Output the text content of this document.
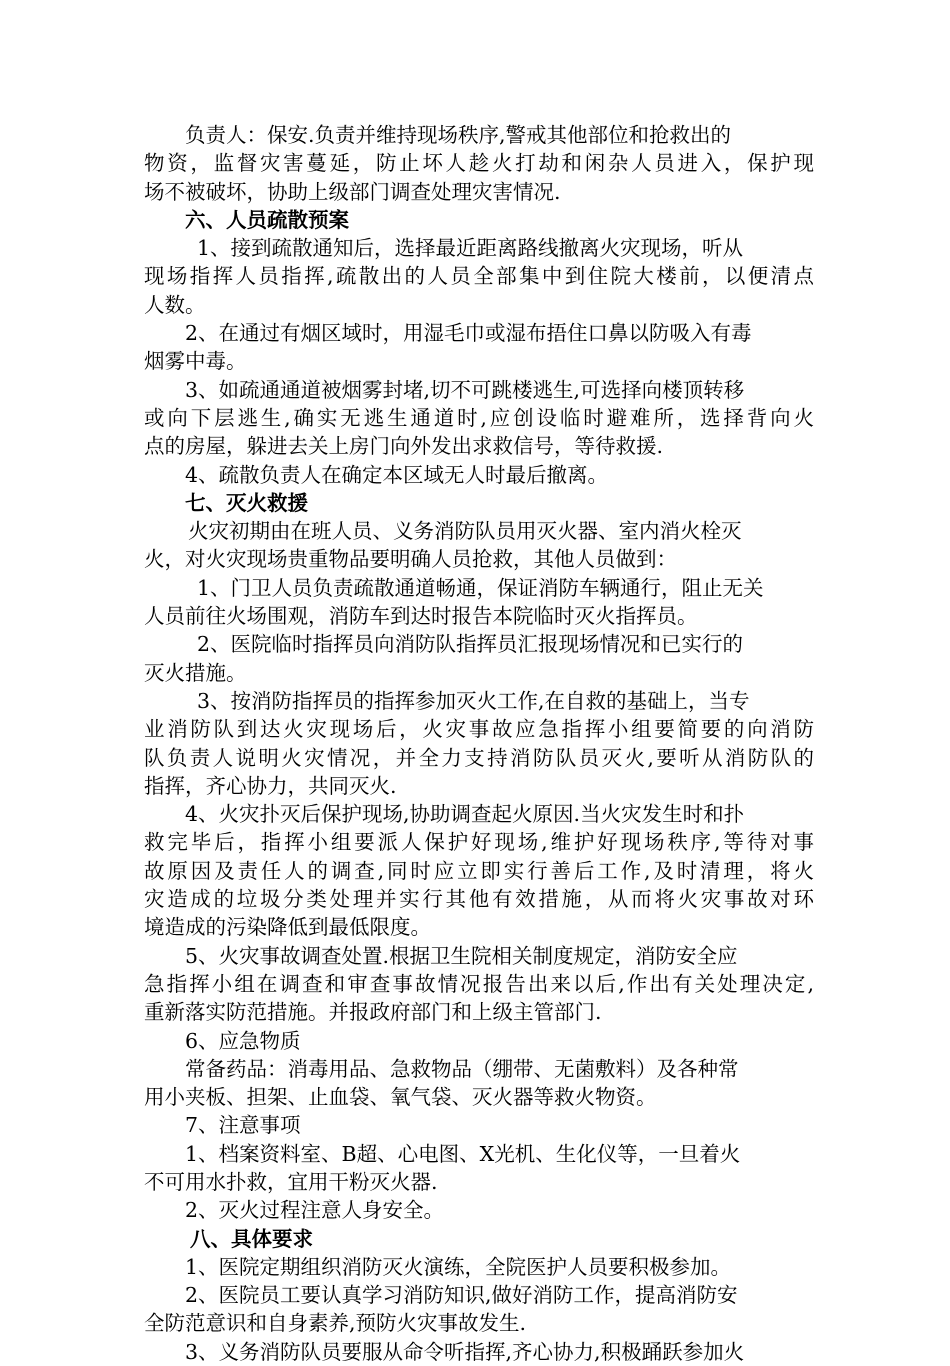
负责人：保安.负责并维持现场秩序,警戒其他部位和抢救出的
物资，监督灾害蔓延，防止坏人趁火打劫和闲杂人员进入，保护现
场不被破坏，协助上级部门调查处理灾害情况.
六、人员疏散预案
1、接到疏散通知后，选择最近距离路线撤离火灾现场，听从
现场指挥人员指挥,疏散出的人员全部集中到住院大楼前，以便清点
人数。
2、在通过有烟区域时，用湿毛巾或湿布捂住口鼻以防吸入有毒
烟雾中毒。
3、如疏通通道被烟雾封堵,切不可跳楼逃生,可选择向楼顶转移
或向下层逃生,确实无逃生通道时,应创设临时避难所，选择背向火
点的房屋，躲进去关上房门向外发出求救信号，等待救援.
4、疏散负责人在确定本区域无人时最后撤离。
七、灭火救援
火灾初期由在班人员、义务消防队员用灭火器、室内消火栓灭
火，对火灾现场贵重物品要明确人员抢救，其他人员做到：
1、门卫人员负责疏散通道畅通，保证消防车辆通行，阻止无关
人员前往火场围观，消防车到达时报告本院临时灭火指挥员。
2、医院临时指挥员向消防队指挥员汇报现场情况和已实行的
灭火措施。
3、按消防指挥员的指挥参加灭火工作,在自救的基础上，当专
业消防队到达火灾现场后，火灾事故应急指挥小组要简要的向消防
队负责人说明火灾情况，并全力支持消防队员灭火,要听从消防队的
指挥，齐心协力，共同灭火.
4、火灾扑灭后保护现场,协助调查起火原因.当火灾发生时和扑
救完毕后，指挥小组要派人保护好现场,维护好现场秩序,等待对事
故原因及责任人的调查,同时应立即实行善后工作,及时清理，将火
灾造成的垃圾分类处理并实行其他有效措施，从而将火灾事故对环
境造成的污染降低到最低限度。
5、火灾事故调查处置.根据卫生院相关制度规定，消防安全应
急指挥小组在调查和审查事故情况报告出来以后,作出有关处理决定,
重新落实防范措施。并报政府部门和上级主管部门.
6、应急物质
常备药品：消毒用品、急救物品（绷带、无菌敷料）及各种常
用小夹板、担架、止血袋、氧气袋、灭火器等救火物资。
7、注意事项
1、档案资料室、B超、心电图、X光机、生化仪等，一旦着火
不可用水扑救，宜用干粉灭火器.
2、灭火过程注意人身安全。
八、具体要求
1、医院定期组织消防灭火演练，全院医护人员要积极参加。
2、医院员工要认真学习消防知识,做好消防工作，提高消防安
全防范意识和自身素养,预防火灾事故发生.
3、义务消防队员要服从命令听指挥,齐心协力,积极踊跃参加火
